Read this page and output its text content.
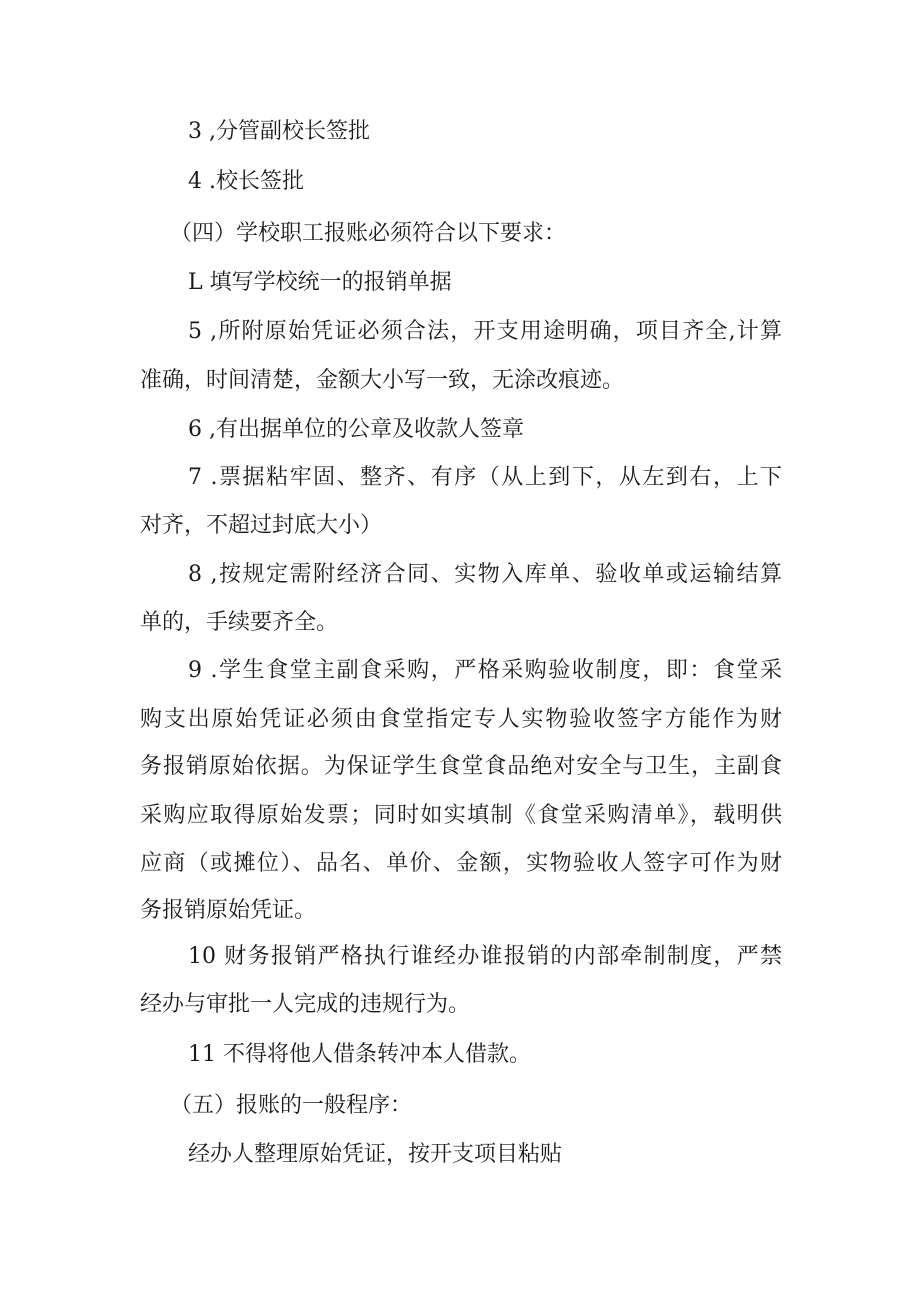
3 ,分管副校长签批
4 .校长签批
（四）学校职工报账必须符合以下要求：
L 填写学校统一的报销单据
5 ,所附原始凭证必须合法，开支用途明确，项目齐全,计算
准确，时间清楚，金额大小写一致，无涂改痕迹。
6 ,有出据单位的公章及收款人签章
7 .票据粘牢固、整齐、有序（从上到下，从左到右，上下
对齐，不超过封底大小）
8 ,按规定需附经济合同、实物入库单、验收单或运输结算
单的，手续要齐全。
9 .学生食堂主副食采购，严格采购验收制度，即：食堂采
购支出原始凭证必须由食堂指定专人实物验收签字方能作为财
务报销原始依据。为保证学生食堂食品绝对安全与卫生，主副食
采购应取得原始发票；同时如实填制《食堂采购清单》，载明供
应商（或摊位）、品名、单价、金额，实物验收人签字可作为财
务报销原始凭证。
10 财务报销严格执行谁经办谁报销的内部牵制制度，严禁
经办与审批一人完成的违规行为。
11 不得将他人借条转冲本人借款。
（五）报账的一般程序：
经办人整理原始凭证，按开支项目粘贴
